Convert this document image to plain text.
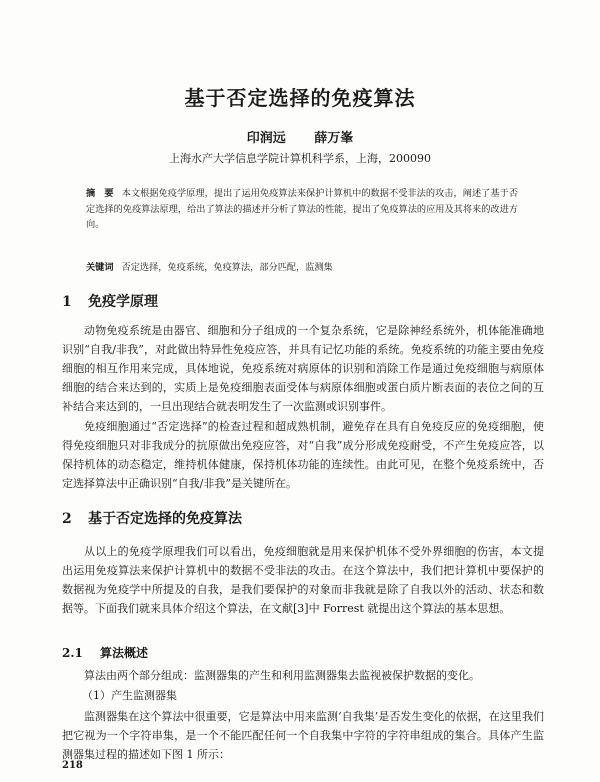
基于否定选择的免疫算法

印润远 薛万峯

上海水产大学信息学院计算机科学系，上海，200090

摘　要 本文根据免疫学原理，提出了运用免疫算法来保护计算机中的数据不受非法的攻击，阐述了基于否定选择的免疫算法原理，给出了算法的描述并分析了算法的性能，提出了免疫算法的应用及其将来的改进方向。

关键词 否定选择，免疫系统，免疫算法，部分匹配，监测集

1 免疫学原理

动物免疫系统是由器官、细胞和分子组成的一个复杂系统，它是除神经系统外，机体能准确地识别“自我/非我”，对此做出特异性免疫应答，并具有记忆功能的系统。免疫系统的功能主要由免疫细胞的相互作用来完成，具体地说，免疫系统对病原体的识别和消除工作是通过免疫细胞与病原体细胞的结合来达到的，实质上是免疫细胞表面受体与病原体细胞或蛋白质片断表面的表位之间的互补结合来达到的，一旦出现结合就表明发生了一次监测或识别事件。

免疫细胞通过“否定选择”的检查过程和超成熟机制，避免存在具有自免疫反应的免疫细胞，使得免疫细胞只对非我成分的抗原做出免疫应答，对“自我”成分形成免疫耐受，不产生免疫应答，以保持机体的动态稳定，维持机体健康，保持机体功能的连续性。由此可见，在整个免疫系统中，否定选择算法中正确识别“自我/非我”是关键所在。

2 基于否定选择的免疫算法

从以上的免疫学原理我们可以看出，免疫细胞就是用来保护机体不受外界细胞的伤害，本文提出运用免疫算法来保护计算机中的数据不受非法的攻击。在这个算法中，我们把计算机中要保护的数据视为免疫学中所提及的自我，是我们要保护的对象而非我就是除了自我以外的活动、状态和数据等。下面我们就来具体介绍这个算法，在文献[3]中 Forrest 就提出这个算法的基本思想。

2.1 算法概述

算法由两个部分组成：监测器集的产生和利用监测器集去监视被保护数据的变化。

（1）产生监测器集

监测器集在这个算法中很重要，它是算法中用来监测‘自我集’是否发生变化的依据，在这里我们把它视为一个字符串集，是一个不能匹配任何一个自我集中字符的字符串组成的集合。具体产生监测器集过程的描述如下图 1 所示：

218
